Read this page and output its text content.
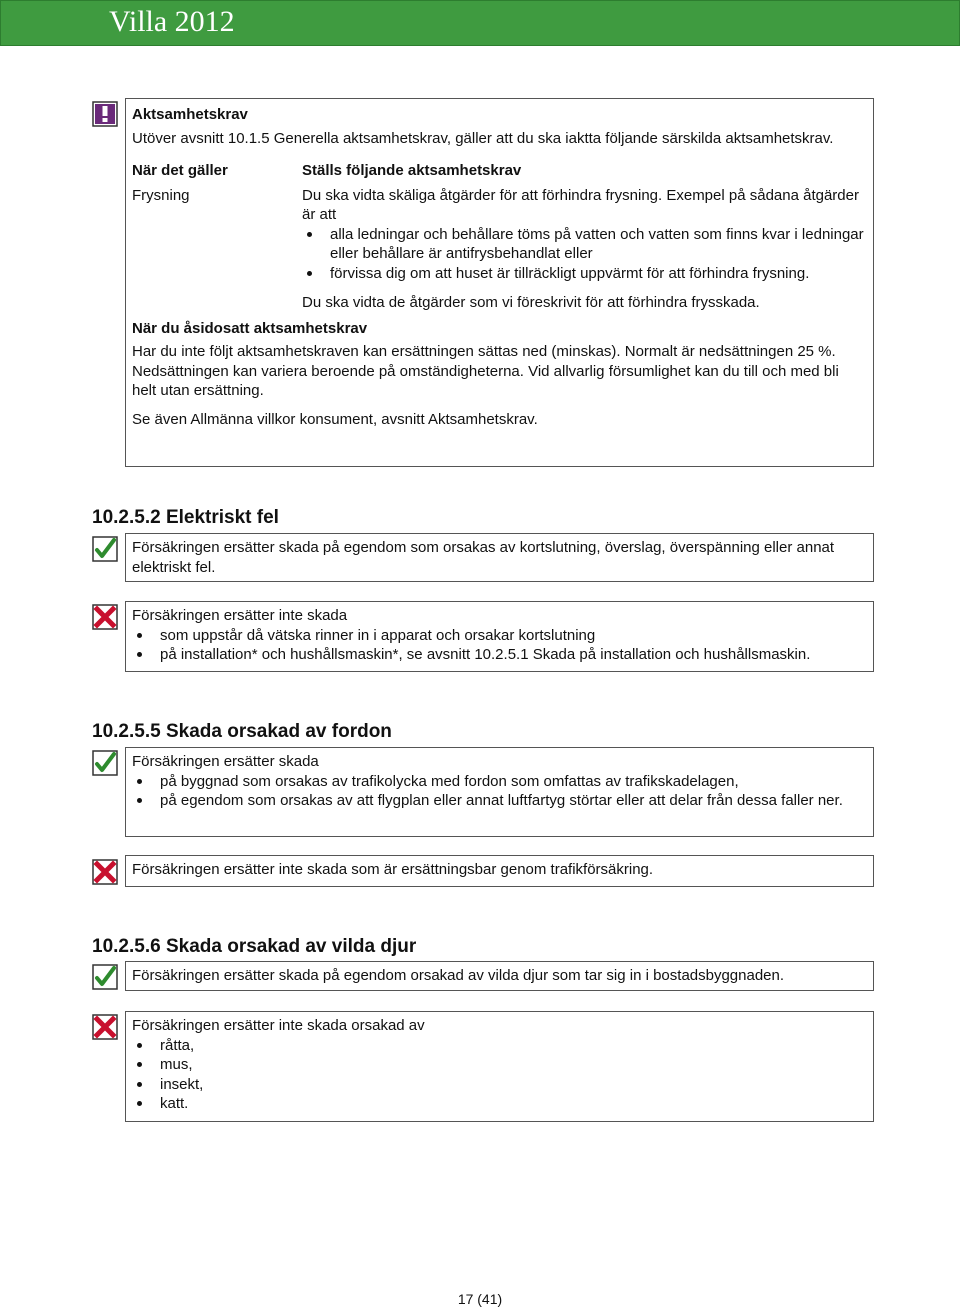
Villa 2012
Aktsamhetskrav
Utöver avsnitt 10.1.5 Generella aktsamhetskrav, gäller att du ska iaktta följande särskilda aktsamhetskrav.
När det gäller	Ställs följande aktsamhetskrav
Frysning	Du ska vidta skäliga åtgärder för att förhindra frysning. Exempel på sådana åtgärder är att
alla ledningar och behållare töms på vatten och vatten som finns kvar i ledningar eller behållare är antifrysbehandlat eller
förvissa dig om att huset är tillräckligt uppvärmt för att förhindra frysning.
Du ska vidta de åtgärder som vi föreskrivit för att förhindra frysskada.
När du åsidosatt aktsamhetskrav
Har du inte följt aktsamhetskraven kan ersättningen sättas ned (minskas). Normalt är nedsättningen 25 %. Nedsättningen kan variera beroende på omständigheterna. Vid allvarlig försumlighet kan du till och med bli helt utan ersättning.
Se även Allmänna villkor konsument, avsnitt Aktsamhetskrav.
10.2.5.2 Elektriskt fel
Försäkringen ersätter skada på egendom som orsakas av kortslutning, överslag, överspänning eller annat elektriskt fel.
Försäkringen ersätter inte skada
som uppstår då vätska rinner in i apparat och orsakar kortslutning
på installation* och hushållsmaskin*, se avsnitt 10.2.5.1 Skada på installation och hushållsmaskin.
10.2.5.5 Skada orsakad av fordon
Försäkringen ersätter skada
på byggnad som orsakas av trafikolycka med fordon som omfattas av trafikskadelagen,
på egendom som orsakas av att flygplan eller annat luftfartyg störtar eller att delar från dessa faller ner.
Försäkringen ersätter inte skada som är ersättningsbar genom trafikförsäkring.
10.2.5.6 Skada orsakad av vilda djur
Försäkringen ersätter skada på egendom orsakad av vilda djur som tar sig in i bostadsbyggnaden.
Försäkringen ersätter inte skada orsakad av
råtta,
mus,
insekt,
katt.
17 (41)
